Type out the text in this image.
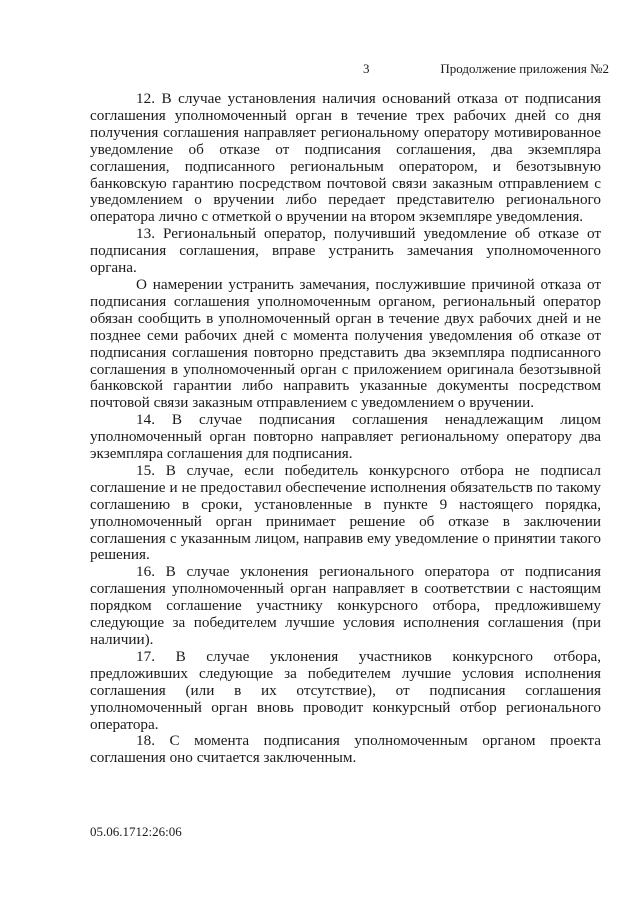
3	Продолжение приложения №2

12. В случае установления наличия оснований отказа от подписания соглашения уполномоченный орган в течение трех рабочих дней со дня получения соглашения направляет региональному оператору мотивированное уведомление об отказе от подписания соглашения, два экземпляра соглашения, подписанного региональным оператором, и безотзывную банковскую гарантию посредством почтовой связи заказным отправлением с уведомлением о вручении либо передает представителю регионального оператора лично с отметкой о вручении на втором экземпляре уведомления.

13. Региональный оператор, получивший уведомление об отказе от подписания соглашения, вправе устранить замечания уполномоченного органа.

О намерении устранить замечания, послужившие причиной отказа от подписания соглашения уполномоченным органом, региональный оператор обязан сообщить в уполномоченный орган в течение двух рабочих дней и не позднее семи рабочих дней с момента получения уведомления об отказе от подписания соглашения повторно представить два экземпляра подписанного соглашения в уполномоченный орган с приложением оригинала безотзывной банковской гарантии либо направить указанные документы посредством почтовой связи заказным отправлением с уведомлением о вручении.

14. В случае подписания соглашения ненадлежащим лицом уполномоченный орган повторно направляет региональному оператору два экземпляра соглашения для подписания.

15. В случае, если победитель конкурсного отбора не подписал соглашение и не предоставил обеспечение исполнения обязательств по такому соглашению в сроки, установленные в пункте 9 настоящего порядка, уполномоченный орган принимает решение об отказе в заключении соглашения с указанным лицом, направив ему уведомление о принятии такого решения.

16. В случае уклонения регионального оператора от подписания соглашения уполномоченный орган направляет в соответствии с настоящим порядком соглашение участнику конкурсного отбора, предложившему следующие за победителем лучшие условия исполнения соглашения (при наличии).

17. В случае уклонения участников конкурсного отбора, предложивших следующие за победителем лучшие условия исполнения соглашения (или в их отсутствие), от подписания соглашения уполномоченный орган вновь проводит конкурсный отбор регионального оператора.

18. С момента подписания уполномоченным органом проекта соглашения оно считается заключенным.

05.06.1712:26:06
